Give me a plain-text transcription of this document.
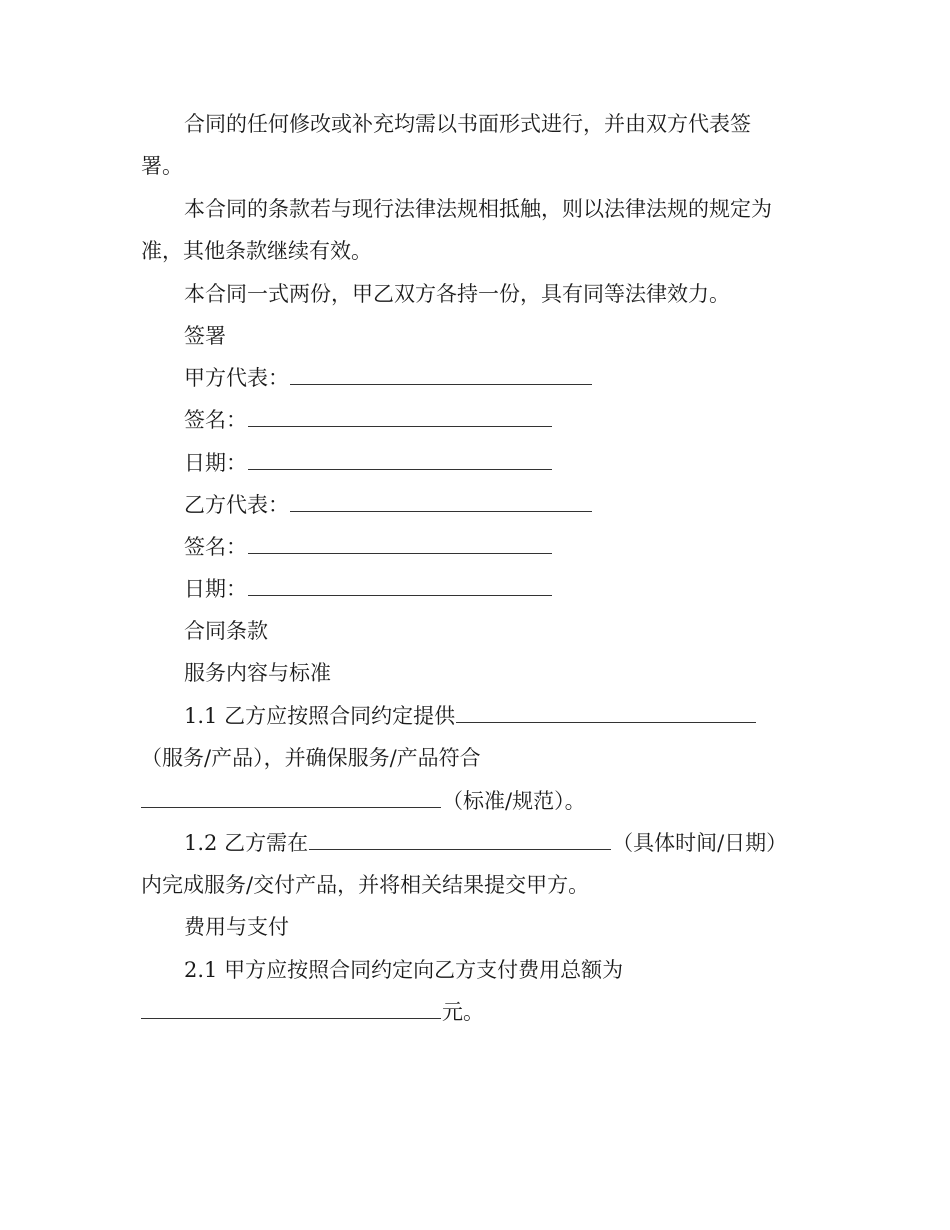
合同的任何修改或补充均需以书面形式进行，并由双方代表签
署。
本合同的条款若与现行法律法规相抵触，则以法律法规的规定为
准，其他条款继续有效。
本合同一式两份，甲乙双方各持一份，具有同等法律效力。
签署
甲方代表：
签名：
日期：
乙方代表：
签名：
日期：
合同条款
服务内容与标准
1.1 乙方应按照合同约定提供
（服务/产品），并确保服务/产品符合
（标准/规范）。
1.2 乙方需在	（具体时间/日期）
内完成服务/交付产品，并将相关结果提交甲方。
费用与支付
2.1 甲方应按照合同约定向乙方支付费用总额为
元。
